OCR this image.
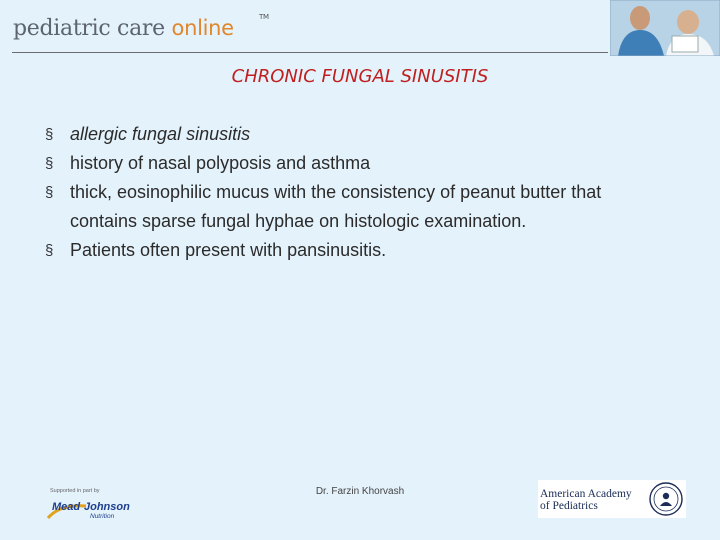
pediatric care online	TM
CHRONIC FUNGAL SINUSITIS
§ allergic fungal sinusitis
§ history of nasal polyposis and asthma
§ thick, eosinophilic mucus with the consistency of peanut butter that contains sparse fungal hyphae on histologic examination.
§ Patients often present with pansinusitis.
Supported in part by
Mead Johnson
Nutrition
Dr. Farzin Khorvash	American Academy
of Pediatrics
